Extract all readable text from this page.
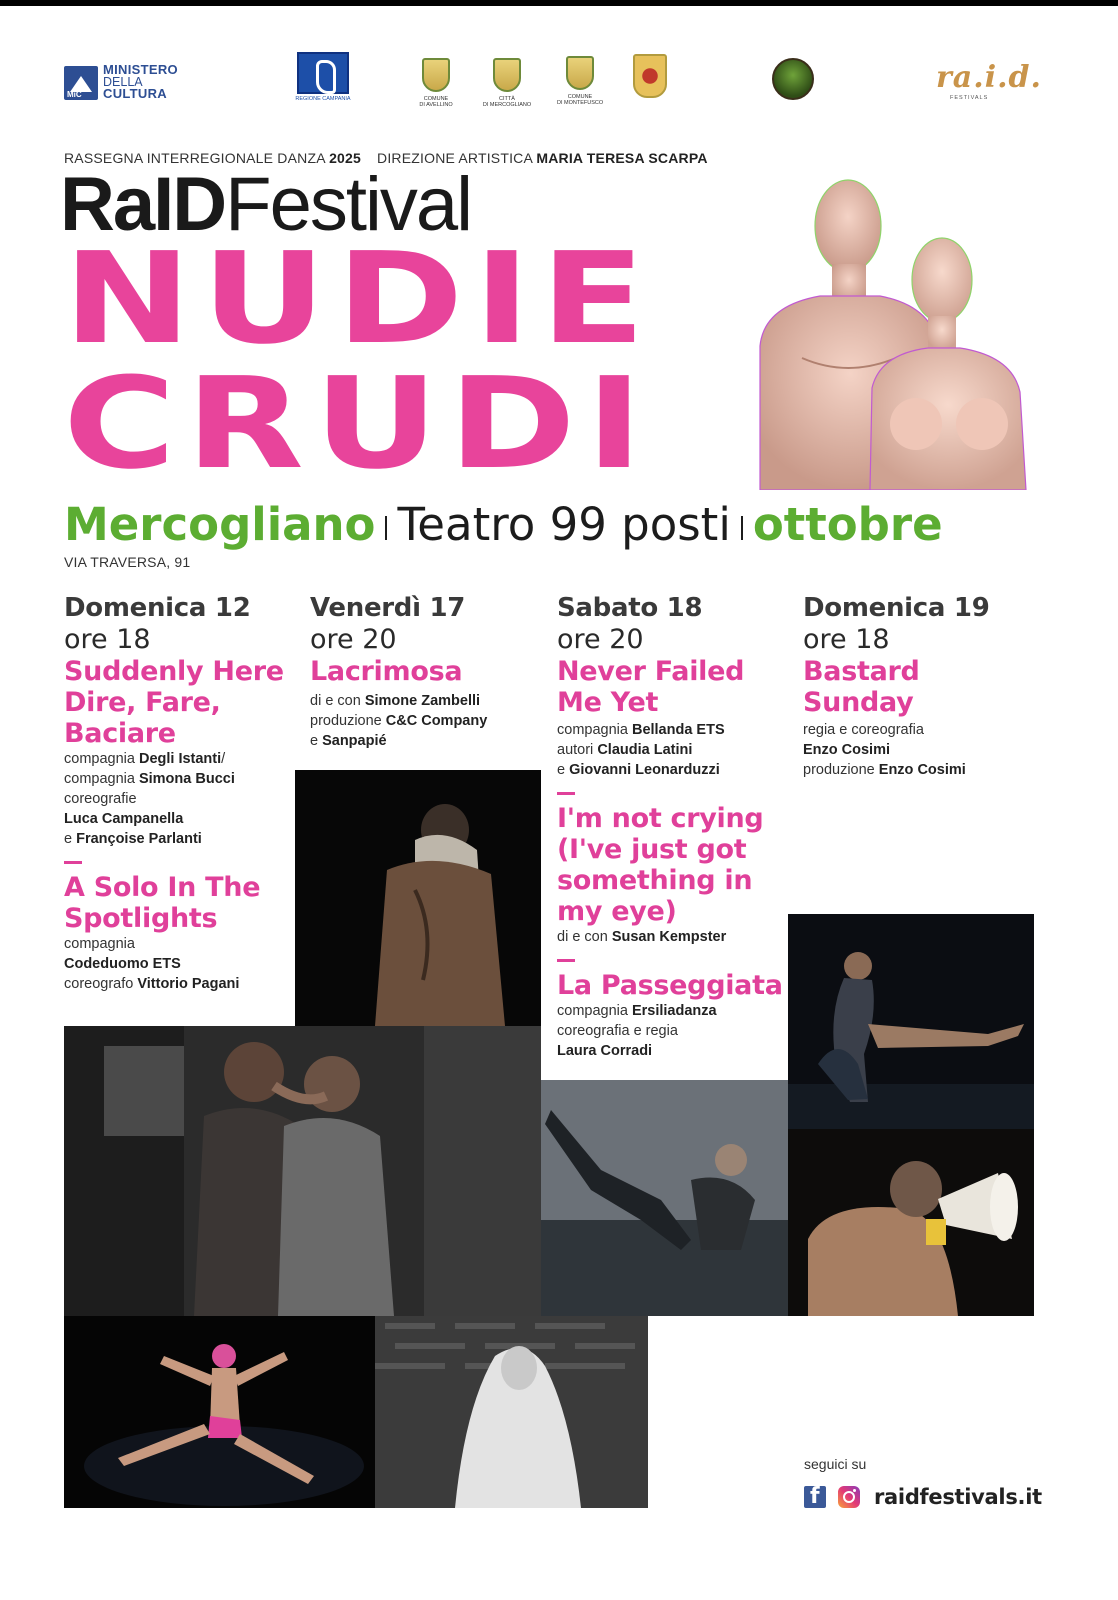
MiC
MINISTERO
DELLA
CULTURA	REGIONE CAMPANIA	COMUNE
DI AVELLINO
CITTÀ
DI MERCOGLIANO
COMUNE
DI MONTEFUSCO
ra.i.d.
FESTIVALS
RASSEGNA INTERREGIONALE DANZA 2025 DIREZIONE ARTISTICA MARIA TERESA SCARPA
RaIDFestival
NUDIE
CRUDI
Mercogliano Teatro 99 posti ottobre
VIA TRAVERSA, 91
Domenica 12
ore 18
Suddenly Here Dire, Fare, Baciare
compagnia Degli Istanti/
compagnia Simona Bucci
coreografie
Luca Campanella
e Françoise Parlanti
A Solo In The Spotlights
compagnia
Codeduomo ETS
coreografo Vittorio Pagani
Venerdì 17
ore 20
Lacrimosa
di e con Simone Zambelli
produzione C&C Company
e Sanpapié
Sabato 18
ore 20
Never Failed Me Yet
compagnia Bellanda ETS
autori Claudia Latini
e Giovanni Leonarduzzi
I'm not crying (I've just got something in my eye)
di e con Susan Kempster
La Passeggiata
compagnia Ersiliadanza
coreografia e regia
Laura Corradi
Domenica 19
ore 18
Bastard Sunday
regia e coreografia
Enzo Cosimi
produzione Enzo Cosimi
seguici su
f
raidfestivals.it
